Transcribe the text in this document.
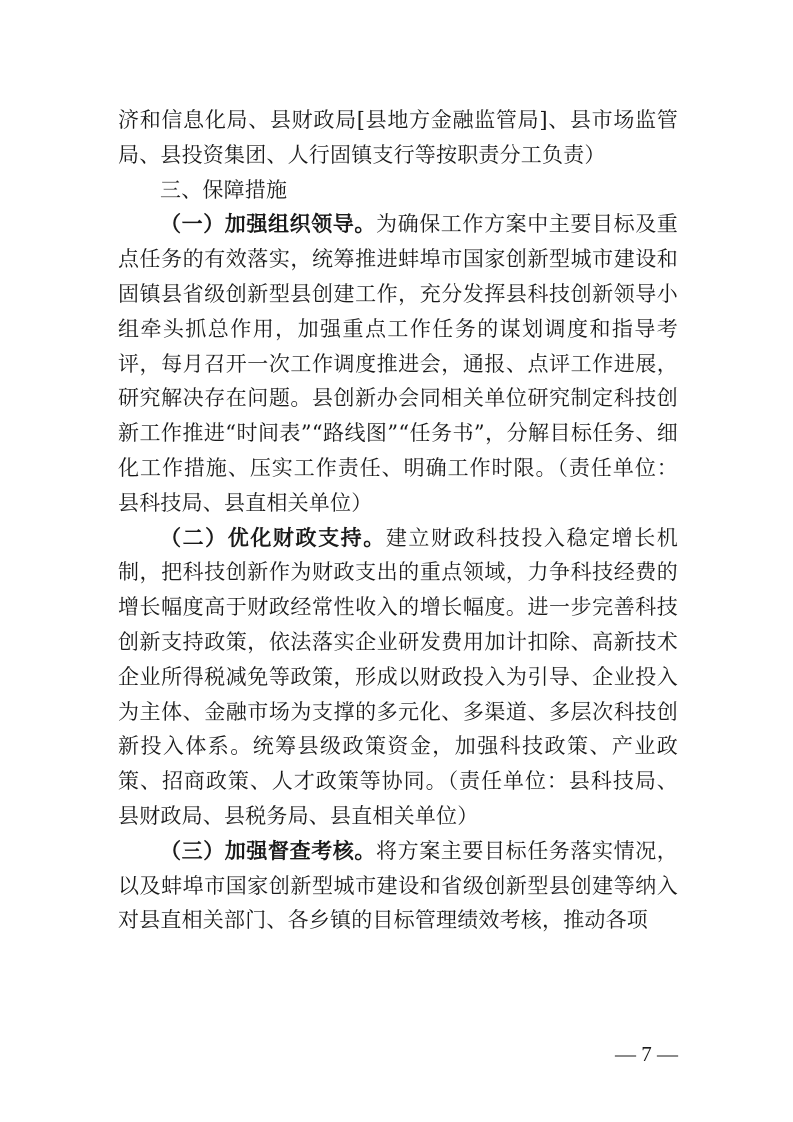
济和信息化局、县财政局[县地方金融监管局]、县市场监管局、县投资集团、人行固镇支行等按职责分工负责）

三、保障措施

（一）加强组织领导。为确保工作方案中主要目标及重点任务的有效落实，统筹推进蚌埠市国家创新型城市建设和固镇县省级创新型县创建工作，充分发挥县科技创新领导小组牵头抓总作用，加强重点工作任务的谋划调度和指导考评，每月召开一次工作调度推进会，通报、点评工作进展，研究解决存在问题。县创新办会同相关单位研究制定科技创新工作推进“时间表”“路线图”“任务书”，分解目标任务、细化工作措施、压实工作责任、明确工作时限。（责任单位：县科技局、县直相关单位）

（二）优化财政支持。建立财政科技投入稳定增长机制，把科技创新作为财政支出的重点领域，力争科技经费的增长幅度高于财政经常性收入的增长幅度。进一步完善科技创新支持政策，依法落实企业研发费用加计扣除、高新技术企业所得税减免等政策，形成以财政投入为引导、企业投入为主体、金融市场为支撑的多元化、多渠道、多层次科技创新投入体系。统筹县级政策资金，加强科技政策、产业政策、招商政策、人才政策等协同。（责任单位：县科技局、县财政局、县税务局、县直相关单位）

（三）加强督查考核。将方案主要目标任务落实情况，以及蚌埠市国家创新型城市建设和省级创新型县创建等纳入对县直相关部门、各乡镇的目标管理绩效考核，推动各项

— 7 —
